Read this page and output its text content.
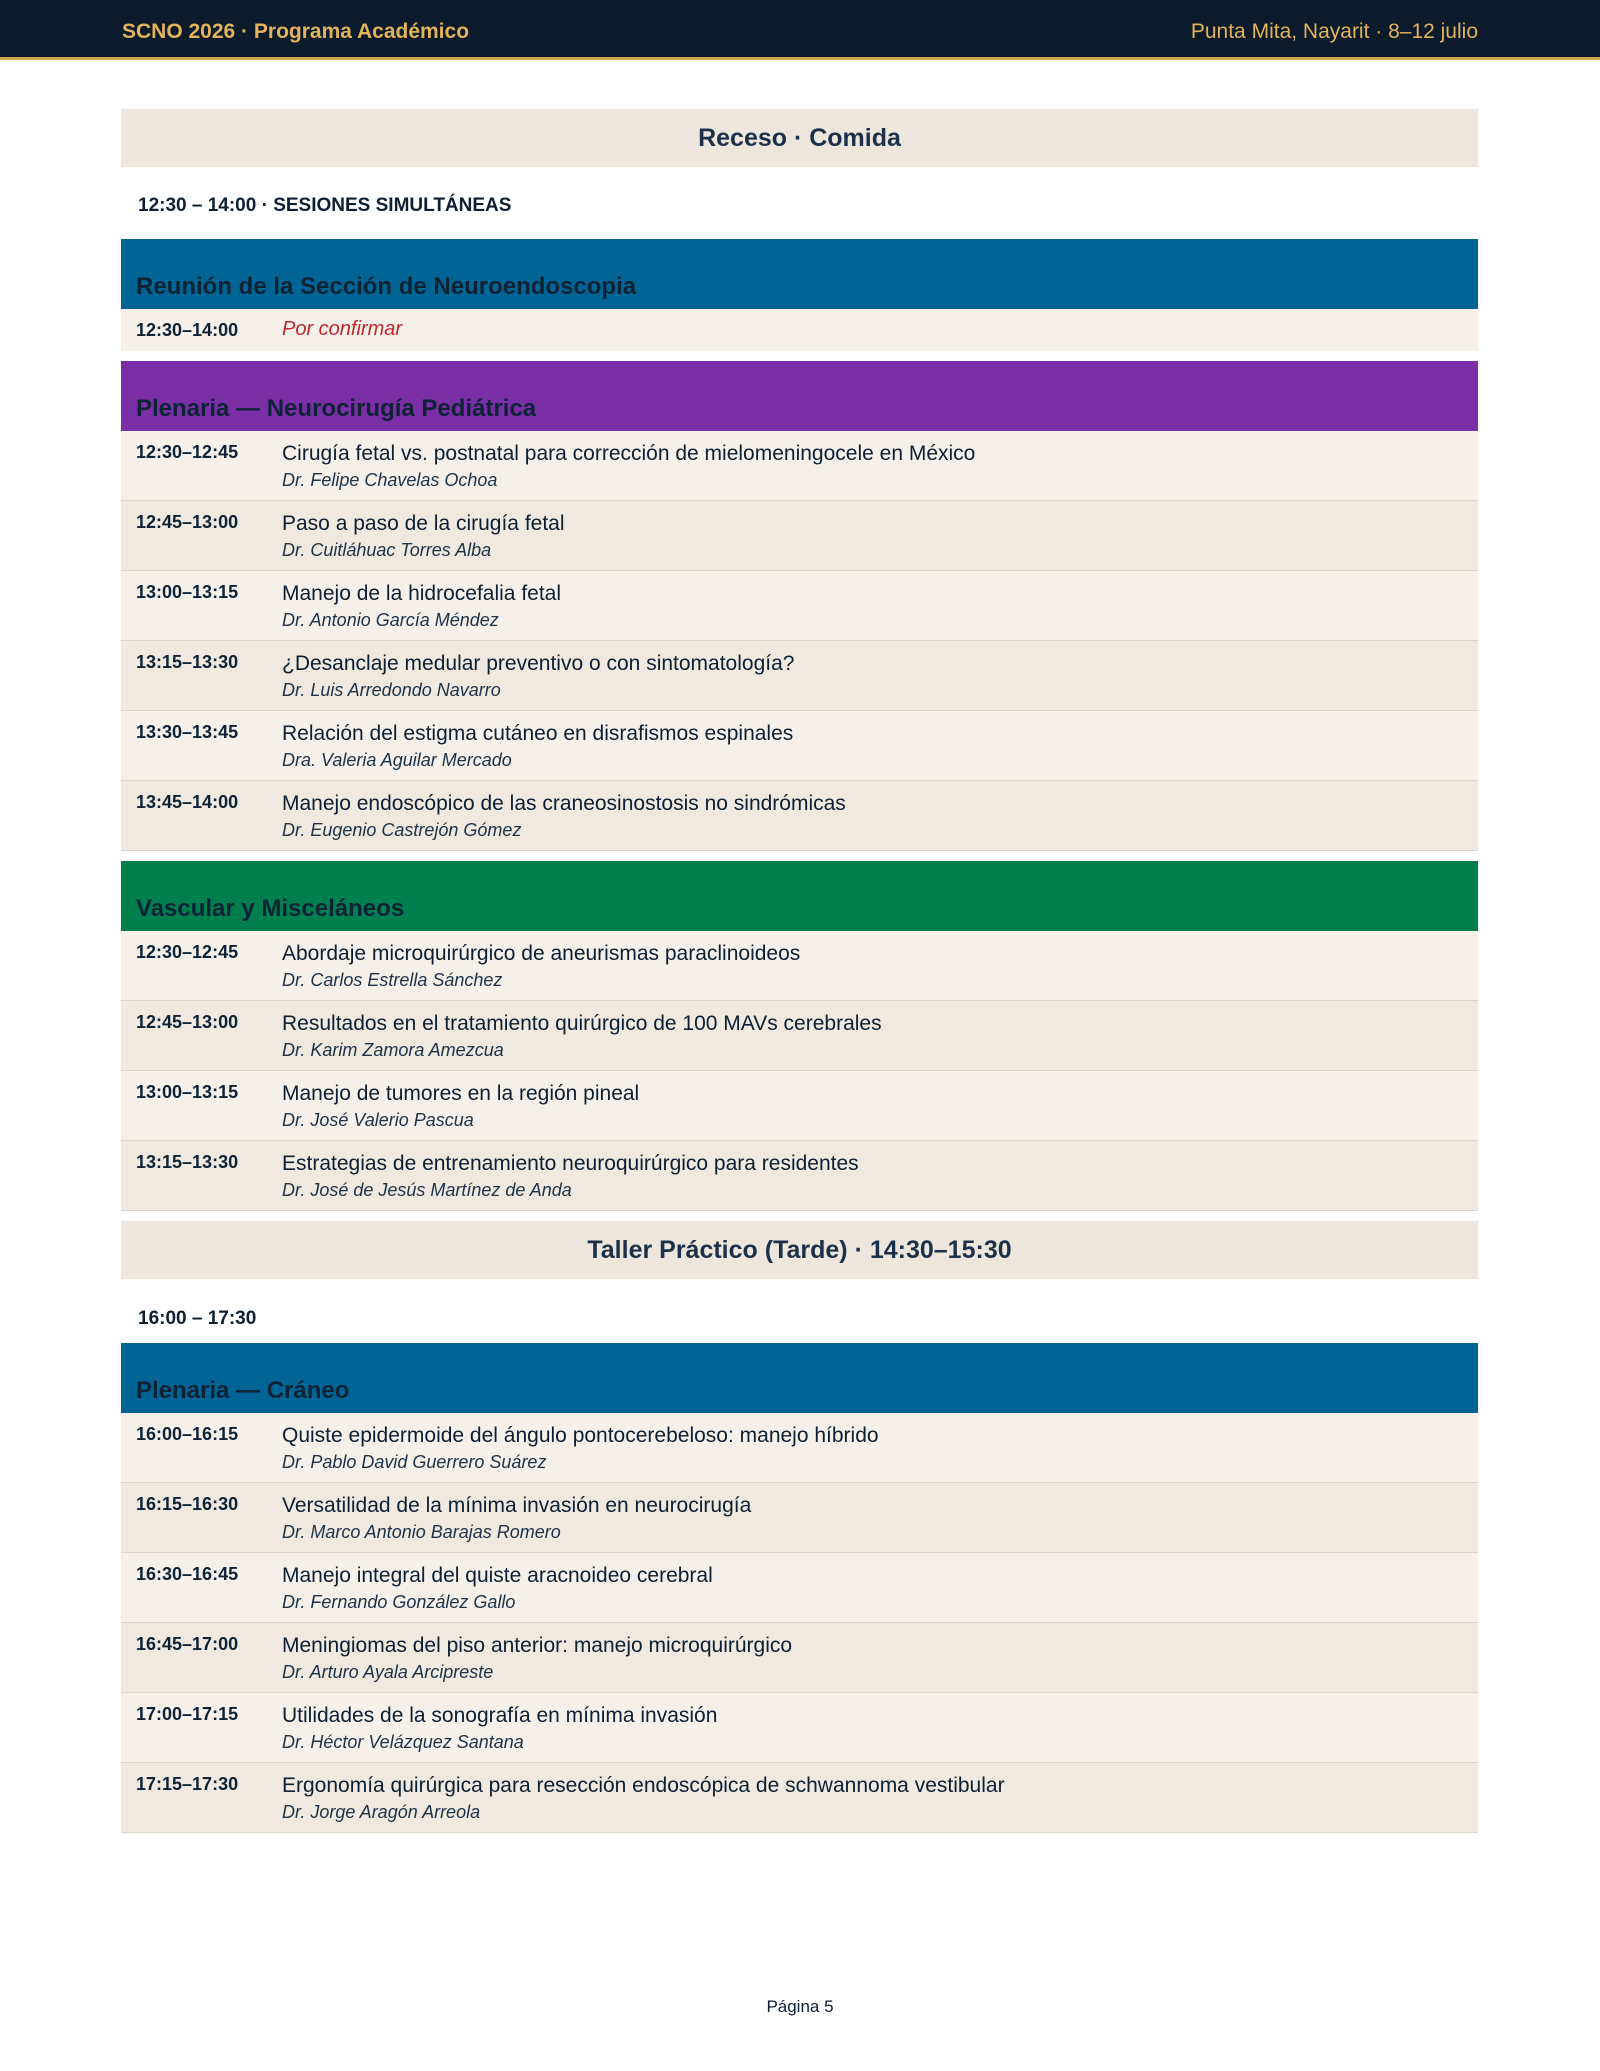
SCNO 2026 · Programa Académico	Punta Mita, Nayarit · 8–12 julio
Receso · Comida
12:30 – 14:00 · SESIONES SIMULTÁNEAS
Reunión de la Sección de Neuroendoscopia
12:30–14:00	Por confirmar
Plenaria — Neurocirugía Pediátrica
12:30–12:45	Cirugía fetal vs. postnatal para corrección de mielomeningocele en México
Dr. Felipe Chavelas Ochoa
12:45–13:00	Paso a paso de la cirugía fetal
Dr. Cuitláhuac Torres Alba
13:00–13:15	Manejo de la hidrocefalia fetal
Dr. Antonio García Méndez
13:15–13:30	¿Desanclaje medular preventivo o con sintomatología?
Dr. Luis Arredondo Navarro
13:30–13:45	Relación del estigma cutáneo en disrafismos espinales
Dra. Valeria Aguilar Mercado
13:45–14:00	Manejo endoscópico de las craneosinostosis no sindrómicas
Dr. Eugenio Castrejón Gómez
Vascular y Misceláneos
12:30–12:45	Abordaje microquirúrgico de aneurismas paraclinoideos
Dr. Carlos Estrella Sánchez
12:45–13:00	Resultados en el tratamiento quirúrgico de 100 MAVs cerebrales
Dr. Karim Zamora Amezcua
13:00–13:15	Manejo de tumores en la región pineal
Dr. José Valerio Pascua
13:15–13:30	Estrategias de entrenamiento neuroquirúrgico para residentes
Dr. José de Jesús Martínez de Anda
Taller Práctico (Tarde) · 14:30–15:30
16:00 – 17:30
Plenaria — Cráneo
16:00–16:15	Quiste epidermoide del ángulo pontocerebeloso: manejo híbrido
Dr. Pablo David Guerrero Suárez
16:15–16:30	Versatilidad de la mínima invasión en neurocirugía
Dr. Marco Antonio Barajas Romero
16:30–16:45	Manejo integral del quiste aracnoideo cerebral
Dr. Fernando González Gallo
16:45–17:00	Meningiomas del piso anterior: manejo microquirúrgico
Dr. Arturo Ayala Arcipreste
17:00–17:15	Utilidades de la sonografía en mínima invasión
Dr. Héctor Velázquez Santana
17:15–17:30	Ergonomía quirúrgica para resección endoscópica de schwannoma vestibular
Dr. Jorge Aragón Arreola
Página 5
